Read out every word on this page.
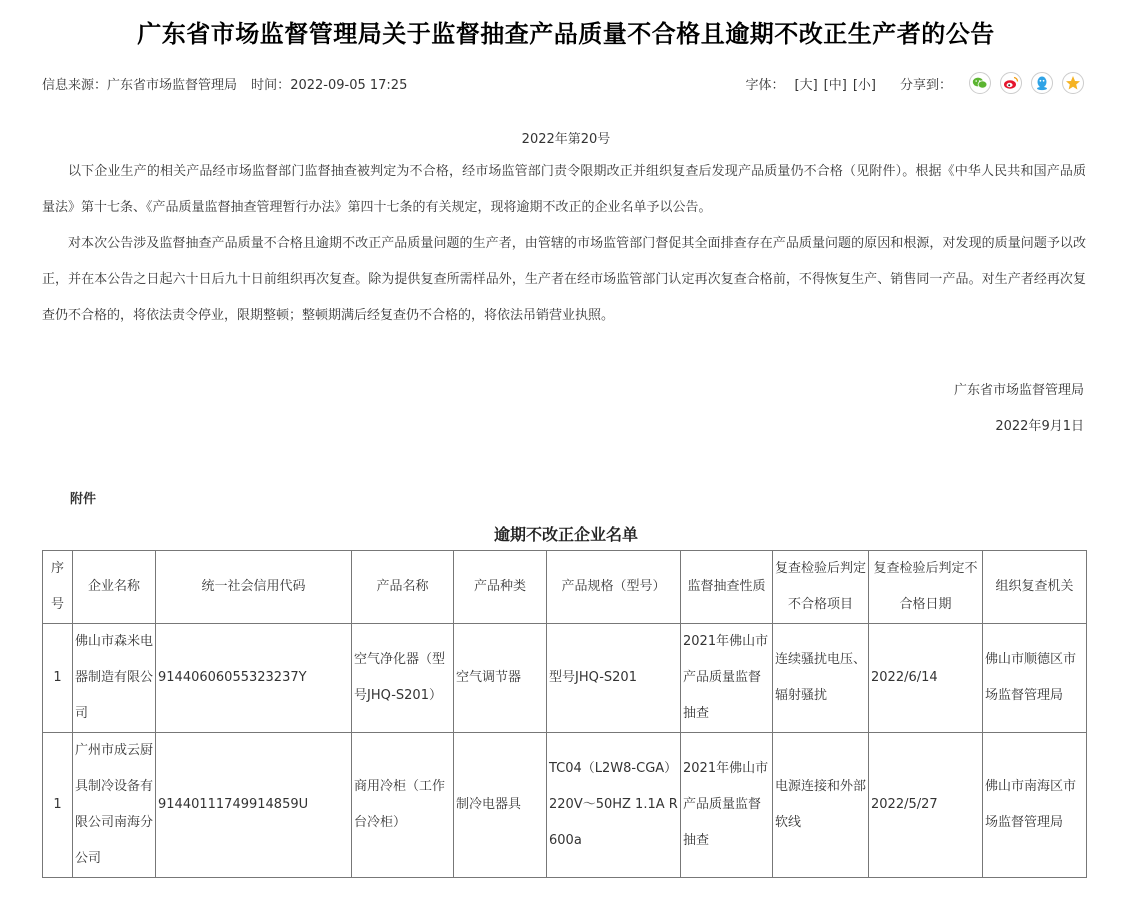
广东省市场监督管理局关于监督抽查产品质量不合格且逾期不改正生产者的公告
信息来源：广东省市场监督管理局 时间：2022-09-05 17:25	字体： [大] [中] [小] 分享到：
2022年第20号

以下企业生产的相关产品经市场监督部门监督抽查被判定为不合格，经市场监管部门责令限期改正并组织复查后发现产品质量仍不合格（见附件）。根据《中华人民共和国产品质量法》第十七条、《产品质量监督抽查管理暂行办法》第四十七条的有关规定，现将逾期不改正的企业名单予以公告。

对本次公告涉及监督抽查产品质量不合格且逾期不改正产品质量问题的生产者，由管辖的市场监管部门督促其全面排查存在产品质量问题的原因和根源，对发现的质量问题予以改正，并在本公告之日起六十日后九十日前组织再次复查。除为提供复查所需样品外，生产者在经市场监管部门认定再次复查合格前，不得恢复生产、销售同一产品。对生产者经再次复查仍不合格的，将依法责令停业，限期整顿；整顿期满后经复查仍不合格的，将依法吊销营业执照。

广东省市场监督管理局
2022年9月1日
附件
逾期不改正企业名单
序号	企业名称	统一社会信用代码	产品名称	产品种类	产品规格（型号）	监督抽查性质	复查检验后判定不合格项目	复查检验后判定不合格日期	组织复查机关
1	佛山市森米电器制造有限公司	91440606055323237Y	空气净化器（型号JHQ-S201）	空气调节器	型号JHQ-S201	2021年佛山市产品质量监督抽查	连续骚扰电压、辐射骚扰	2022/6/14	佛山市顺德区市场监督管理局
1	广州市成云厨具制冷设备有限公司南海分公司	91440111749914859U	商用冷柜（工作台冷柜）	制冷电器具	TC04（L2W8-CGA）220V～50HZ 1.1A R600a	2021年佛山市产品质量监督抽查	电源连接和外部软线	2022/5/27	佛山市南海区市场监督管理局
